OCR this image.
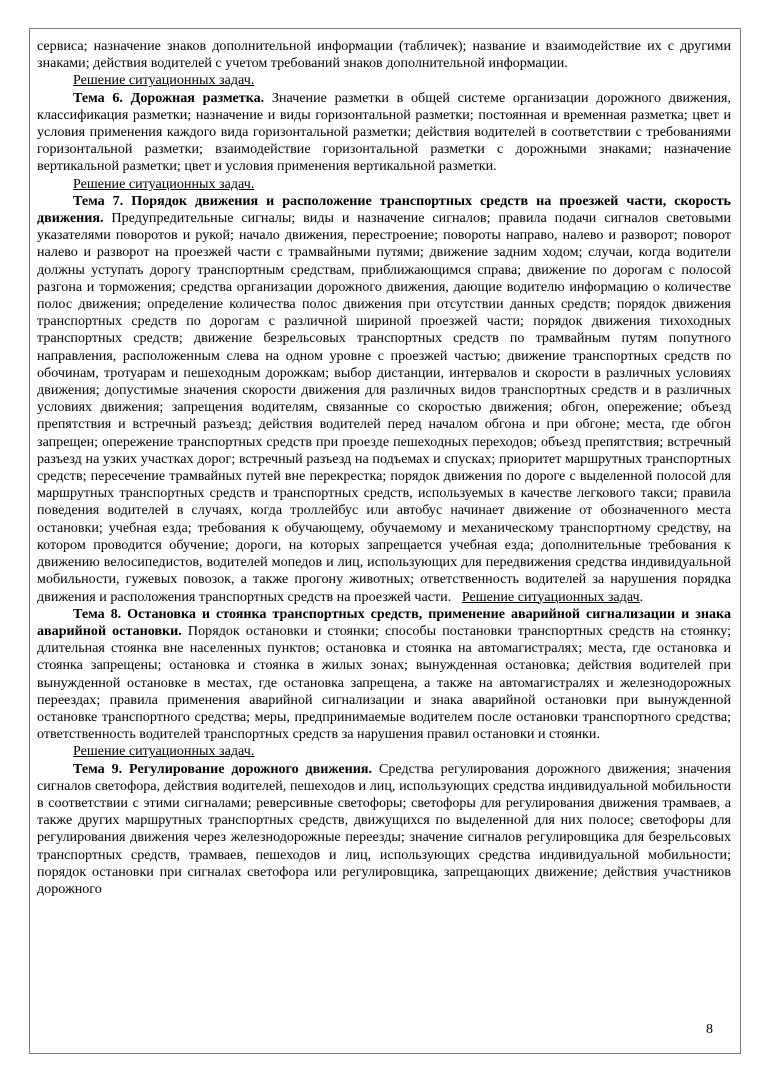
сервиса; назначение знаков дополнительной информации (табличек); название и взаимодействие их с другими знаками; действия водителей с учетом требований знаков дополнительной информации.

Решение ситуационных задач.

Тема 6. Дорожная разметка. Значение разметки в общей системе организации дорожного движения, классификация разметки; назначение и виды горизонтальной разметки; постоянная и временная разметка; цвет и условия применения каждого вида горизонтальной разметки; действия водителей в соответствии с требованиями горизонтальной разметки; взаимодействие горизонтальной разметки с дорожными знаками; назначение вертикальной разметки; цвет и условия применения вертикальной разметки.

Решение ситуационных задач.

Тема 7. Порядок движения и расположение транспортных средств на проезжей части, скорость движения. Предупредительные сигналы; виды и назначение сигналов; правила подачи сигналов световыми указателями поворотов и рукой; начало движения, перестроение; повороты направо, налево и разворот; поворот налево и разворот на проезжей части с трамвайными путями; движение задним ходом; случаи, когда водители должны уступать дорогу транспортным средствам, приближающимся справа; движение по дорогам с полосой разгона и торможения; средства организации дорожного движения, дающие водителю информацию о количестве полос движения; определение количества полос движения при отсутствии данных средств; порядок движения транспортных средств по дорогам с различной шириной проезжей части; порядок движения тихоходных транспортных средств; движение безрельсовых транспортных средств по трамвайным путям попутного направления, расположенным слева на одном уровне с проезжей частью; движение транспортных средств по обочинам, тротуарам и пешеходным дорожкам; выбор дистанции, интервалов и скорости в различных условиях движения; допустимые значения скорости движения для различных видов транспортных средств и в различных условиях движения; запрещения водителям, связанные со скоростью движения; обгон, опережение; объезд препятствия и встречный разъезд; действия водителей перед началом обгона и при обгоне; места, где обгон запрещен; опережение транспортных средств при проезде пешеходных переходов; объезд препятствия; встречный разъезд на узких участках дорог; встречный разъезд на подъемах и спусках; приоритет маршрутных транспортных средств; пересечение трамвайных путей вне перекрестка; порядок движения по дороге с выделенной полосой для маршрутных транспортных средств и транспортных средств, используемых в качестве легкового такси; правила поведения водителей в случаях, когда троллейбус или автобус начинает движение от обозначенного места остановки; учебная езда; требования к обучающему, обучаемому и механическому транспортному средству, на котором проводится обучение; дороги, на которых запрещается учебная езда; дополнительные требования к движению велосипедистов, водителей мопедов и лиц, использующих для передвижения средства индивидуальной мобильности, гужевых повозок, а также прогону животных; ответственность водителей за нарушения порядка движения и расположения транспортных средств на проезжей части. Решение ситуационных задач.

Тема 8. Остановка и стоянка транспортных средств, применение аварийной сигнализации и знака аварийной остановки. Порядок остановки и стоянки; способы постановки транспортных средств на стоянку; длительная стоянка вне населенных пунктов; остановка и стоянка на автомагистралях; места, где остановка и стоянка запрещены; остановка и стоянка в жилых зонах; вынужденная остановка; действия водителей при вынужденной остановке в местах, где остановка запрещена, а также на автомагистралях и железнодорожных переездах; правила применения аварийной сигнализации и знака аварийной остановки при вынужденной остановке транспортного средства; меры, предпринимаемые водителем после остановки транспортного средства; ответственность водителей транспортных средств за нарушения правил остановки и стоянки.

Решение ситуационных задач.

Тема 9. Регулирование дорожного движения. Средства регулирования дорожного движения; значения сигналов светофора, действия водителей, пешеходов и лиц, использующих средства индивидуальной мобильности в соответствии с этими сигналами; реверсивные светофоры; светофоры для регулирования движения трамваев, а также других маршрутных транспортных средств, движущихся по выделенной для них полосе; светофоры для регулирования движения через железнодорожные переезды; значение сигналов регулировщика для безрельсовых транспортных средств, трамваев, пешеходов и лиц, использующих средства индивидуальной мобильности; порядок остановки при сигналах светофора или регулировщика, запрещающих движение; действия участников дорожного

8
